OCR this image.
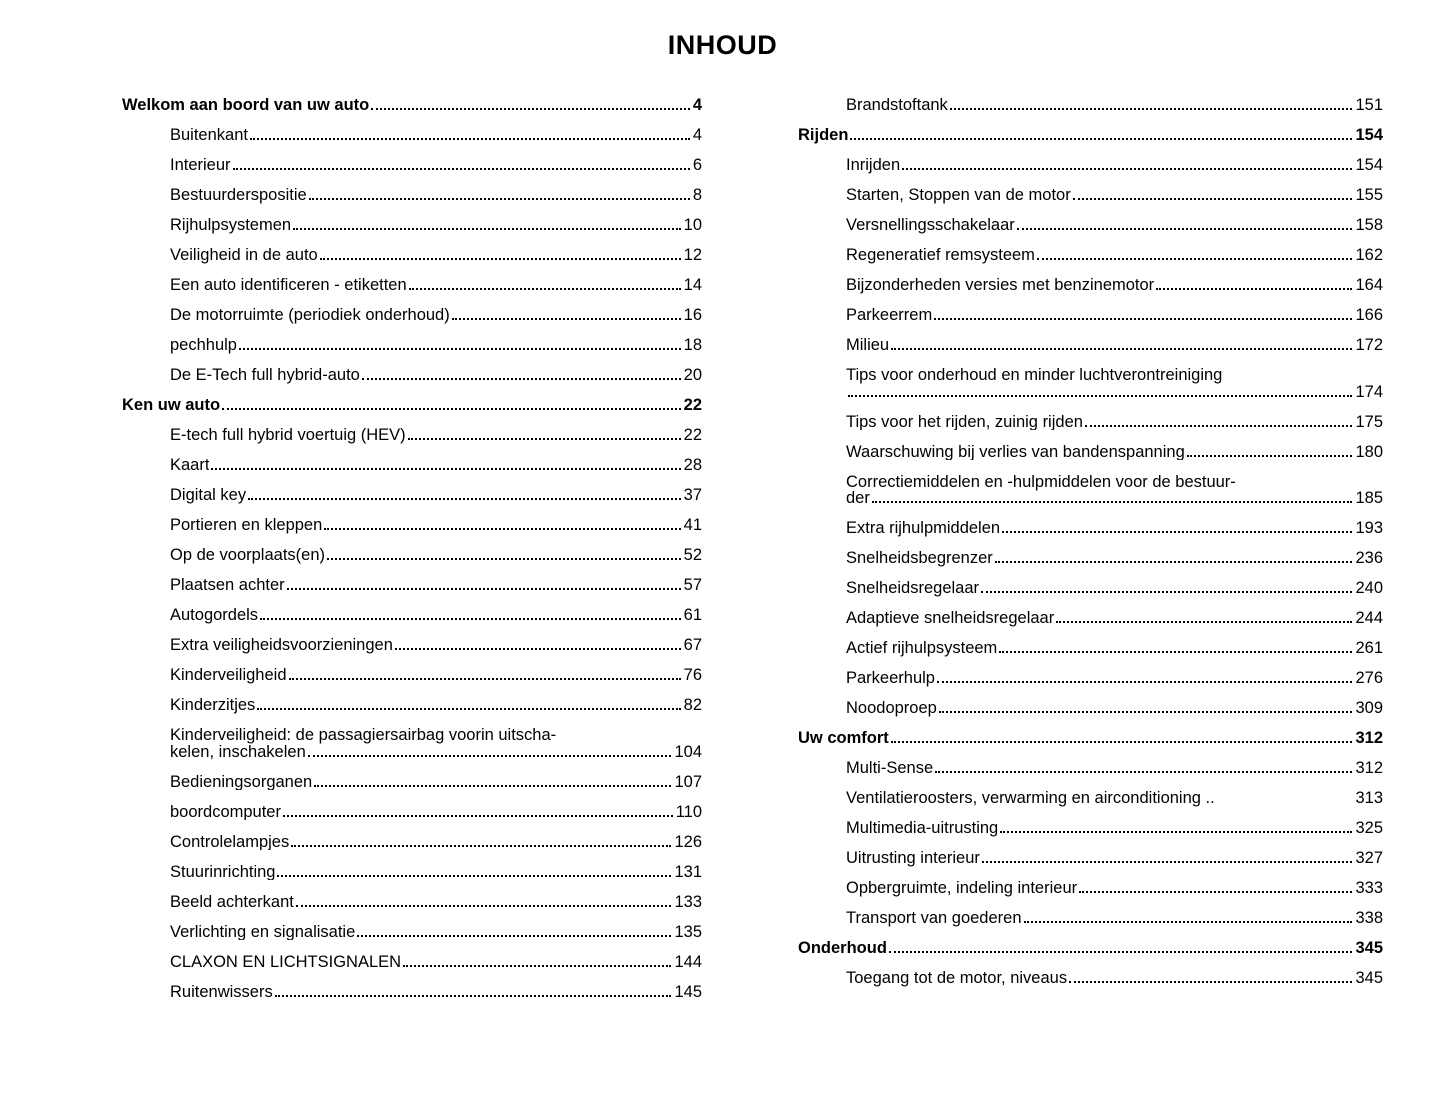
INHOUD
Welkom aan boord van uw auto	4
Buitenkant	4
Interieur	6
Bestuurderspositie	8
Rijhulpsystemen	10
Veiligheid in de auto	12
Een auto identificeren - etiketten	14
De motorruimte (periodiek onderhoud)	16
pechhulp	18
De E-Tech full hybrid-auto	20
Ken uw auto	22
E-tech full hybrid voertuig (HEV)	22
Kaart	28
Digital key	37
Portieren en kleppen	41
Op de voorplaats(en)	52
Plaatsen achter	57
Autogordels	61
Extra veiligheidsvoorzieningen	67
Kinderveiligheid	76
Kinderzitjes	82
Kinderveiligheid: de passagiersairbag voorin uitscha-
kelen, inschakelen	104
Bedieningsorganen	107
boordcomputer	110
Controlelampjes	126
Stuurinrichting	131
Beeld achterkant	133
Verlichting en signalisatie	135
CLAXON EN LICHTSIGNALEN	144
Ruitenwissers	145
Brandstoftank	151
Rijden	154
Inrijden	154
Starten, Stoppen van de motor	155
Versnellingsschakelaar	158
Regeneratief remsysteem	162
Bijzonderheden versies met benzinemotor	164
Parkeerrem	166
Milieu	172
Tips voor onderhoud en minder luchtverontreiniging
174
Tips voor het rijden, zuinig rijden	175
Waarschuwing bij verlies van bandenspanning	180
Correctiemiddelen en -hulpmiddelen voor de bestuur-
der	185
Extra rijhulpmiddelen	193
Snelheidsbegrenzer	236
Snelheidsregelaar	240
Adaptieve snelheidsregelaar	244
Actief rijhulpsysteem	261
Parkeerhulp	276
Noodoproep	309
Uw comfort	312
Multi-Sense	312
Ventilatieroosters, verwarming en airconditioning ..	313
Multimedia-uitrusting	325
Uitrusting interieur	327
Opbergruimte, indeling interieur	333
Transport van goederen	338
Onderhoud	345
Toegang tot de motor, niveaus	345
